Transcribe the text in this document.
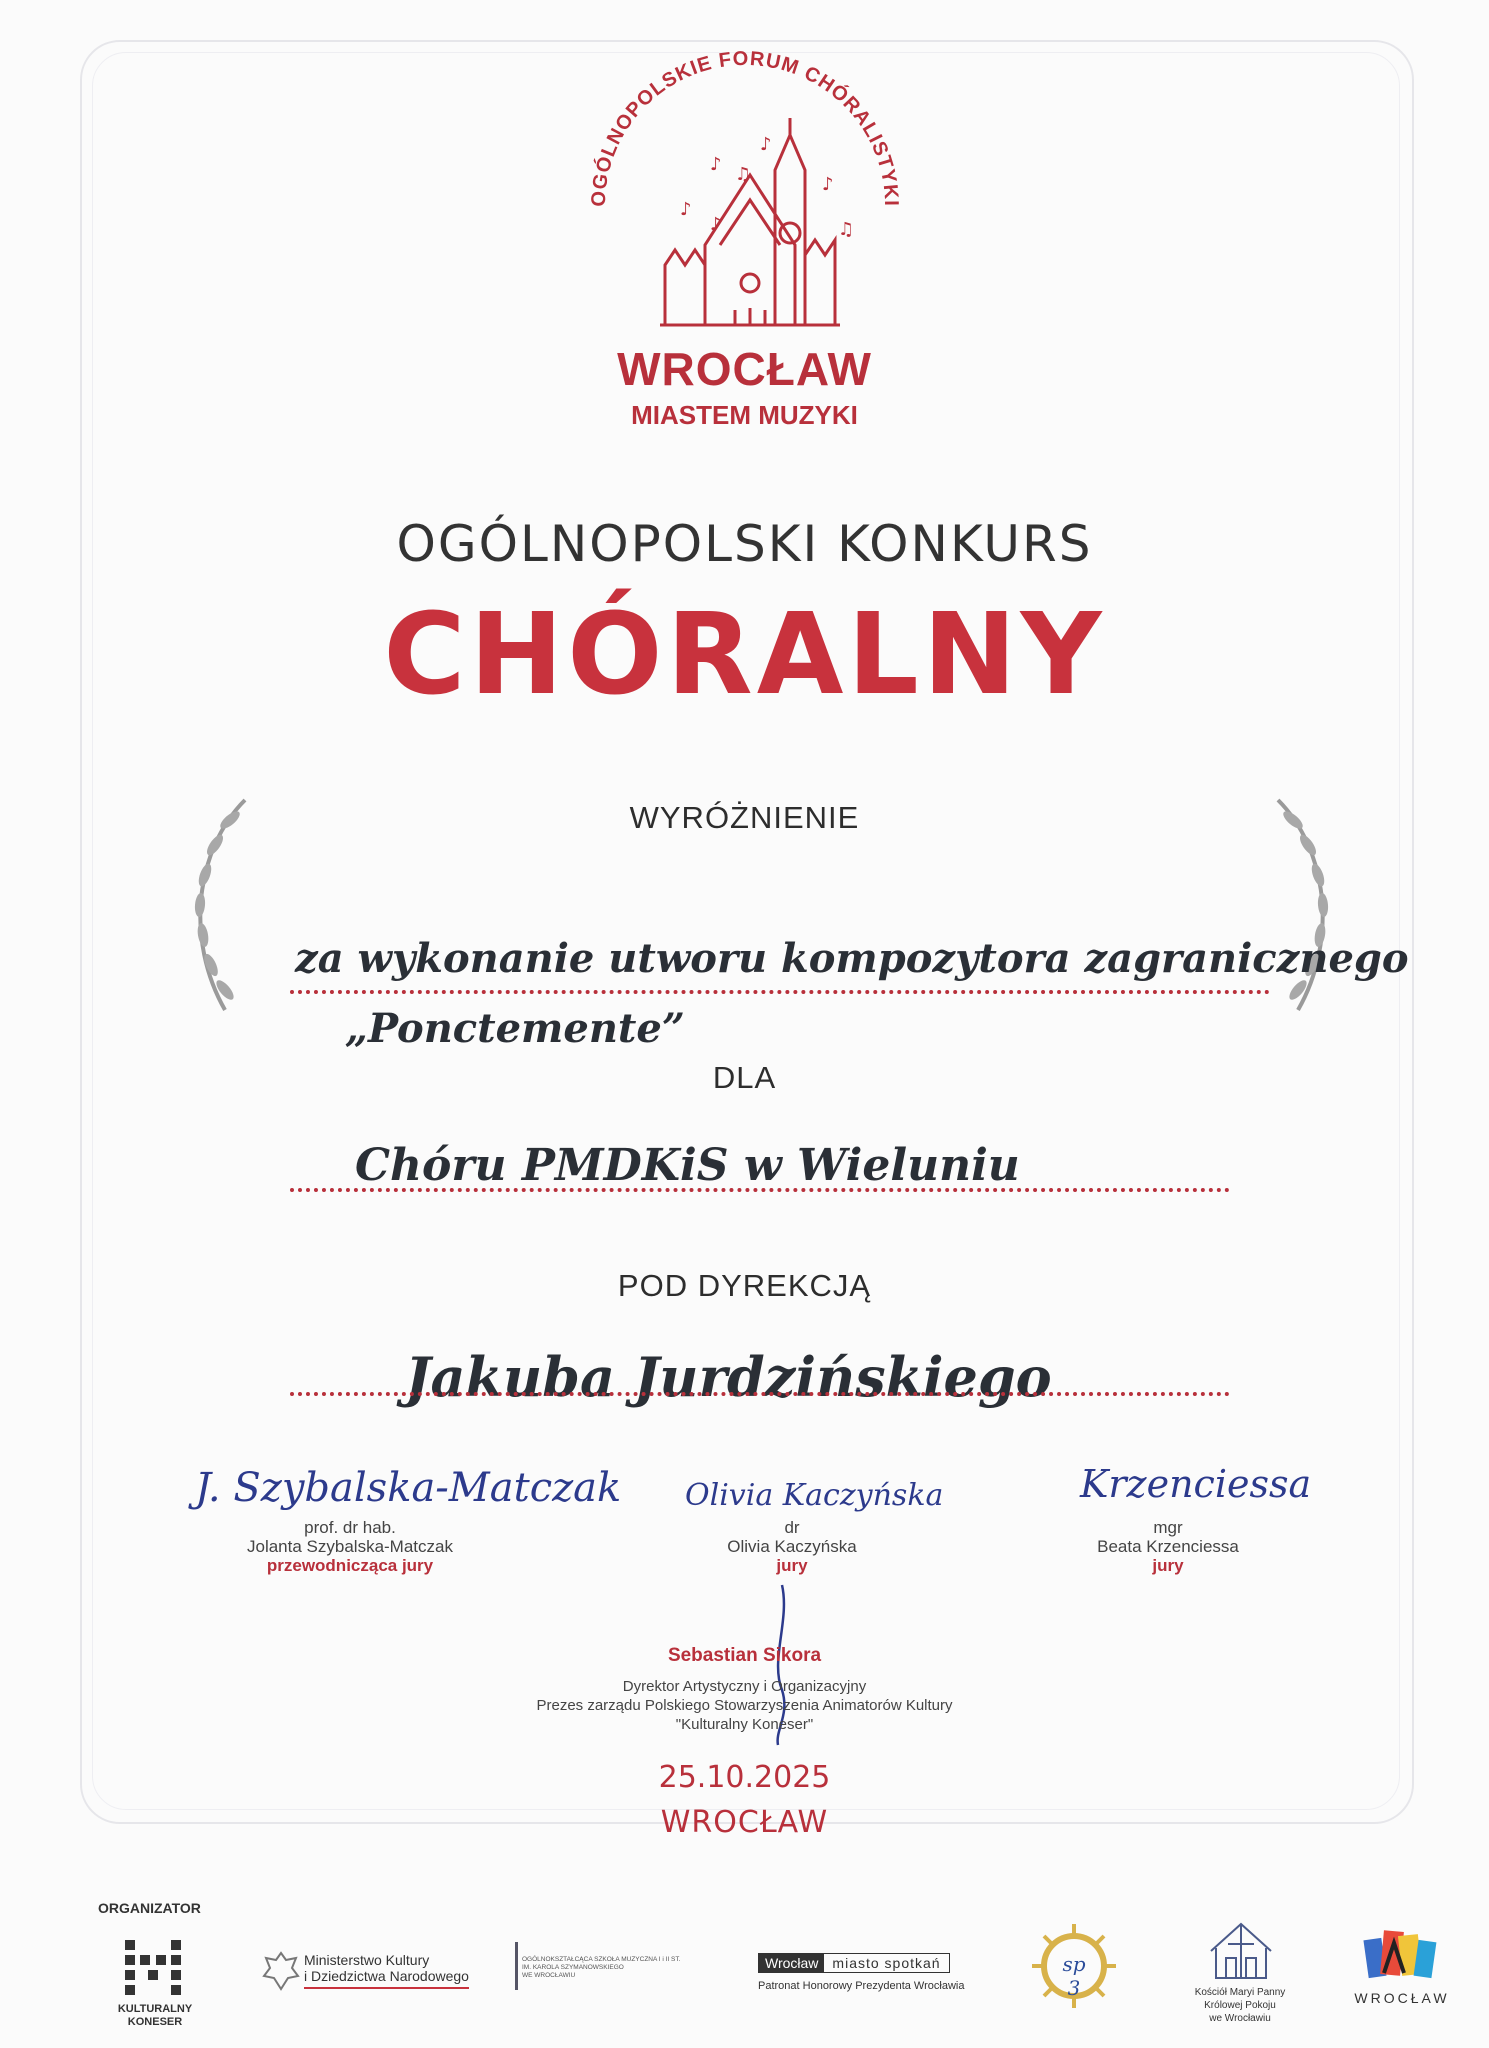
OGÓLNOPOLSKIE FORUM CHÓRALISTYKI
♪
♪ ♫
♪
♪
♫
♪
WROCŁAW
MIASTEM MUZYKI
OGÓLNOPOLSKI KONKURS
CHÓRALNY
WYRÓŻNIENIE
za wykonanie utworu kompozytora zagranicznego
„Ponctemente”
DLA
Chóru PMDKiS w Wieluniu
POD DYREKCJĄ
Jakuba Jurdzińskiego
J. Szybalska-Matczak
prof. dr hab.
Jolanta Szybalska-Matczak
przewodnicząca jury
Olivia Kaczyńska
dr
Olivia Kaczyńska
jury
Krzenciessa
mgr
Beata Krzenciessa
jury
Sebastian Sikora
Dyrektor Artystyczny i Organizacyjny
Prezes zarządu Polskiego Stowarzyszenia Animatorów Kultury
"Kulturalny Koneser"
25.10.2025
WROCŁAW
ORGANIZATOR
KULTURALNY
KONESER
Ministerstwo Kultury
i Dziedzictwa Narodowego
OGÓLNOKSZTAŁCĄCA SZKOŁA MUZYCZNA I i II ST.
IM. KAROLA SZYMANOWSKIEGO
WE WROCŁAWIU
Wrocław	miasto spotkań
Patronat Honorowy Prezydenta Wrocławia
sp 3	Kościół Maryi Panny
Królowej Pokoju
we Wrocławiu
WROCŁAW
